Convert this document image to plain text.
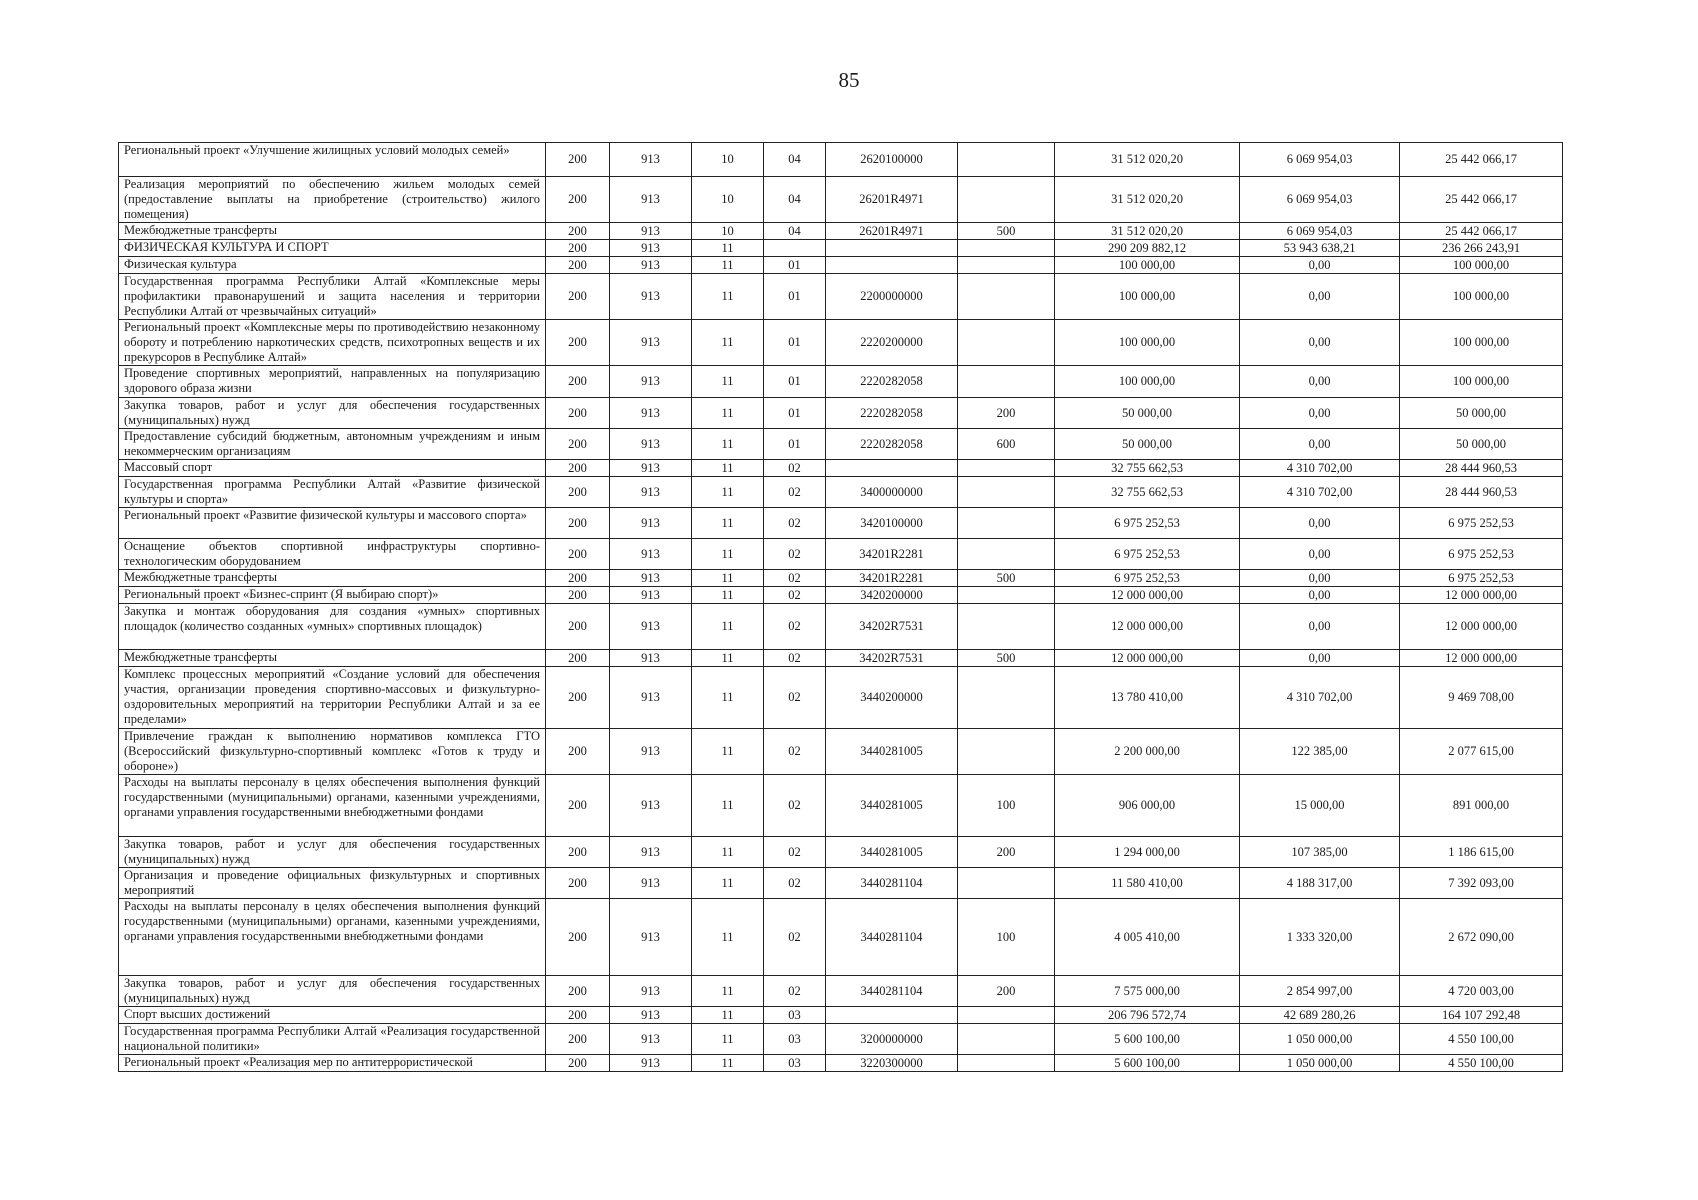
85
Региональный проект «Улучшение жилищных условий молодых семей»	200	913	10	04	2620100000		31 512 020,20	6 069 954,03	25 442 066,17
Реализация мероприятий по обеспечению жильем молодых семей (предоставление выплаты на приобретение (строительство) жилого помещения)	200	913	10	04	26201R4971		31 512 020,20	6 069 954,03	25 442 066,17
Межбюджетные трансферты	200	913	10	04	26201R4971	500	31 512 020,20	6 069 954,03	25 442 066,17
ФИЗИЧЕСКАЯ КУЛЬТУРА И СПОРТ	200	913	11				290 209 882,12	53 943 638,21	236 266 243,91
Физическая культура	200	913	11	01			100 000,00	0,00	100 000,00
Государственная программа Республики Алтай «Комплексные меры профилактики правонарушений и защита населения и территории Республики Алтай от чрезвычайных ситуаций»	200	913	11	01	2200000000		100 000,00	0,00	100 000,00
Региональный проект «Комплексные меры по противодействию незаконному обороту и потреблению наркотических средств, психотропных веществ и их прекурсоров в Республике Алтай»	200	913	11	01	2220200000		100 000,00	0,00	100 000,00
Проведение спортивных мероприятий, направленных на популяризацию здорового образа жизни	200	913	11	01	2220282058		100 000,00	0,00	100 000,00
Закупка товаров, работ и услуг для обеспечения государственных (муниципальных) нужд	200	913	11	01	2220282058	200	50 000,00	0,00	50 000,00
Предоставление субсидий бюджетным, автономным учреждениям и иным некоммерческим организациям	200	913	11	01	2220282058	600	50 000,00	0,00	50 000,00
Массовый спорт	200	913	11	02			32 755 662,53	4 310 702,00	28 444 960,53
Государственная программа Республики Алтай «Развитие физической культуры и спорта»	200	913	11	02	3400000000		32 755 662,53	4 310 702,00	28 444 960,53
Региональный проект «Развитие физической культуры и массового спорта»	200	913	11	02	3420100000		6 975 252,53	0,00	6 975 252,53
Оснащение объектов спортивной инфраструктуры спортивно-технологическим оборудованием	200	913	11	02	34201R2281		6 975 252,53	0,00	6 975 252,53
Межбюджетные трансферты	200	913	11	02	34201R2281	500	6 975 252,53	0,00	6 975 252,53
Региональный проект «Бизнес-спринт (Я выбираю спорт)»	200	913	11	02	3420200000		12 000 000,00	0,00	12 000 000,00
Закупка и монтаж оборудования для создания «умных» спортивных площадок (количество созданных «умных» спортивных площадок)	200	913	11	02	34202R7531		12 000 000,00	0,00	12 000 000,00
Межбюджетные трансферты	200	913	11	02	34202R7531	500	12 000 000,00	0,00	12 000 000,00
Комплекс процессных мероприятий «Создание условий для обеспечения участия, организации проведения спортивно-массовых и физкультурно-оздоровительных мероприятий на территории Республики Алтай и за ее пределами»	200	913	11	02	3440200000		13 780 410,00	4 310 702,00	9 469 708,00
Привлечение граждан к выполнению нормативов комплекса ГТО (Всероссийский физкультурно-спортивный комплекс «Готов к труду и обороне»)	200	913	11	02	3440281005		2 200 000,00	122 385,00	2 077 615,00
Расходы на выплаты персоналу в целях обеспечения выполнения функций государственными (муниципальными) органами, казенными учреждениями, органами управления государственными внебюджетными фондами	200	913	11	02	3440281005	100	906 000,00	15 000,00	891 000,00
Закупка товаров, работ и услуг для обеспечения государственных (муниципальных) нужд	200	913	11	02	3440281005	200	1 294 000,00	107 385,00	1 186 615,00
Организация и проведение официальных физкультурных и спортивных мероприятий	200	913	11	02	3440281104		11 580 410,00	4 188 317,00	7 392 093,00
Расходы на выплаты персоналу в целях обеспечения выполнения функций государственными (муниципальными) органами, казенными учреждениями, органами управления государственными внебюджетными фондами	200	913	11	02	3440281104	100	4 005 410,00	1 333 320,00	2 672 090,00
Закупка товаров, работ и услуг для обеспечения государственных (муниципальных) нужд	200	913	11	02	3440281104	200	7 575 000,00	2 854 997,00	4 720 003,00
Спорт высших достижений	200	913	11	03			206 796 572,74	42 689 280,26	164 107 292,48
Государственная программа Республики Алтай «Реализация государственной национальной политики»	200	913	11	03	3200000000		5 600 100,00	1 050 000,00	4 550 100,00
Региональный проект «Реализация мер по антитеррористической	200	913	11	03	3220300000		5 600 100,00	1 050 000,00	4 550 100,00
